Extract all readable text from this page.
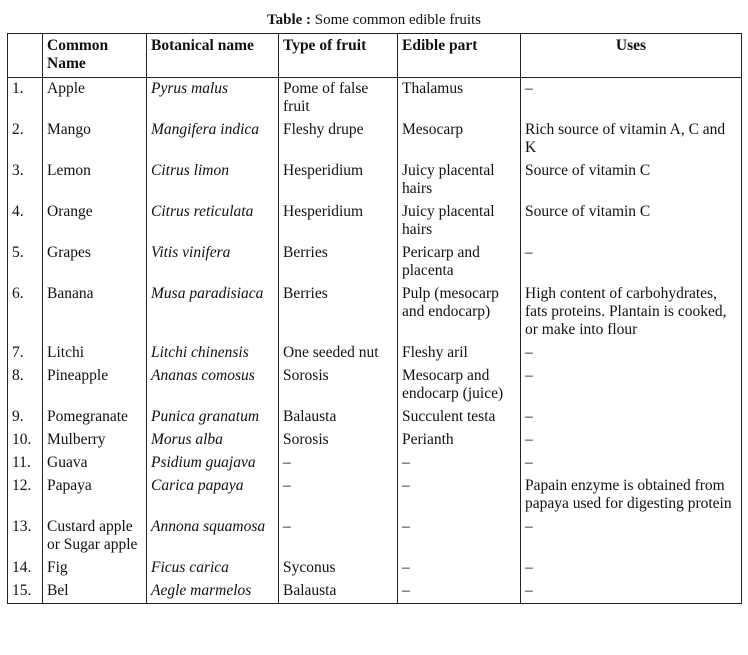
Table : Some common edible fruits
	Common Name	Botanical name	Type of fruit	Edible part	Uses
1.	Apple	Pyrus malus	Pome of false fruit	Thalamus	–
2.	Mango	Mangifera indica	Fleshy drupe	Mesocarp	Rich source of vitamin A, C and K
3.	Lemon	Citrus limon	Hesperidium	Juicy placental hairs	Source of vitamin C
4.	Orange	Citrus reticulata	Hesperidium	Juicy placental hairs	Source of vitamin C
5.	Grapes	Vitis vinifera	Berries	Pericarp and placenta	–
6.	Banana	Musa paradisiaca	Berries	Pulp (mesocarp and endocarp)	High content of carbohydrates, fats proteins. Plantain is cooked, or make into flour
7.	Litchi	Litchi chinensis	One seeded nut	Fleshy aril	–
8.	Pineapple	Ananas comosus	Sorosis	Mesocarp and endocarp (juice)	–
9.	Pomegranate	Punica granatum	Balausta	Succulent testa	–
10.	Mulberry	Morus alba	Sorosis	Perianth	–
11.	Guava	Psidium guajava	–	–	–
12.	Papaya	Carica papaya	–	–	Papain enzyme is obtained from papaya used for digesting protein
13.	Custard apple or Sugar apple	Annona squamosa	–	–	–
14.	Fig	Ficus carica	Syconus	–	–
15.	Bel	Aegle marmelos	Balausta	–	–
